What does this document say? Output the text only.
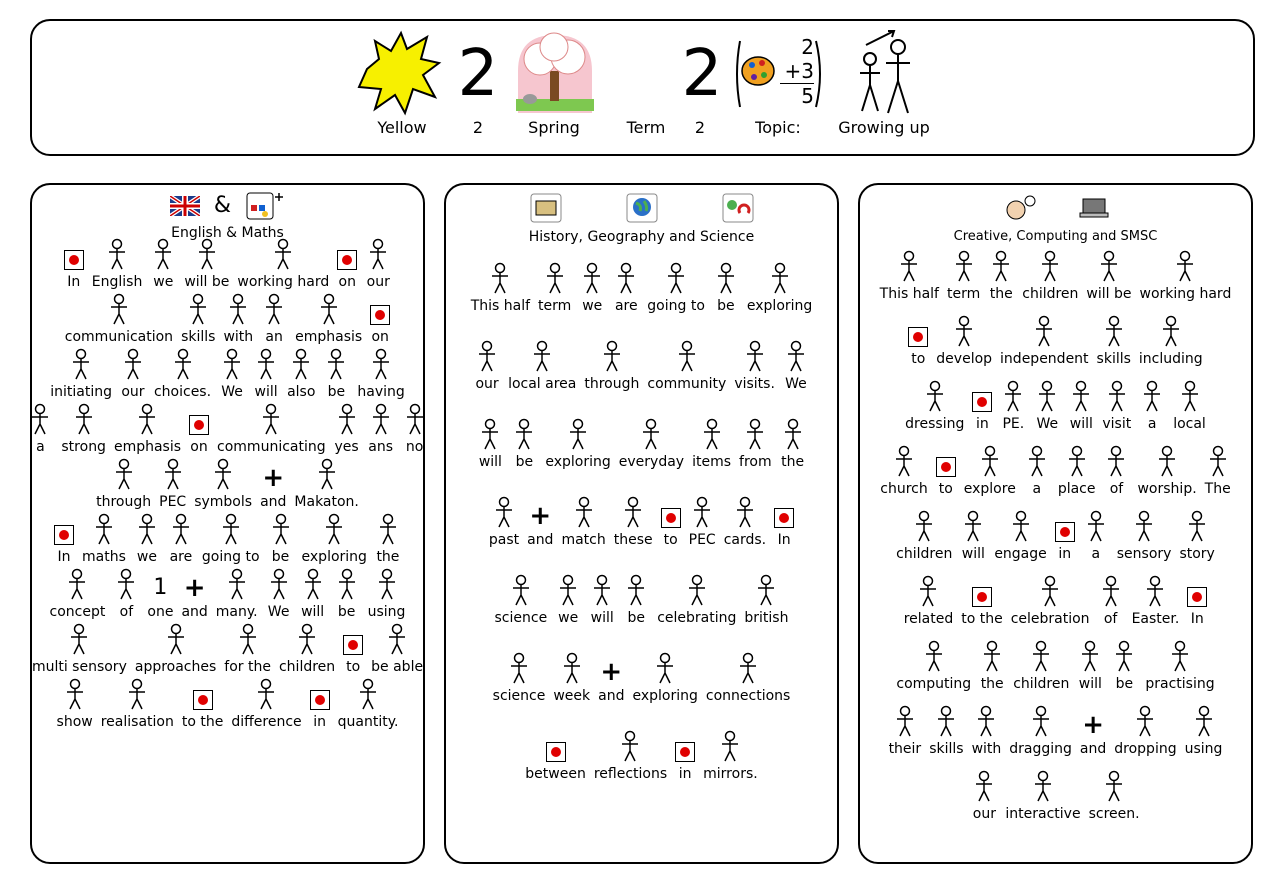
2	2	2
+3
5
Yellow	2	Spring	Term 2	Topic: Growing up
&
English & Maths
In English we will be working hard on our
communication skills with an emphasis on
initiating our choices. We will also be having
a strong emphasis on communicating yes ans no
through PEC symbols
+
and Makaton.
In maths we are going to be exploring the
concept of
1
one
+
and many. We will be using
multi sensory approaches for the children to be able
show realisation to the difference in quantity.
History, Geography and Science
This half term we are going to be exploring
our local area through community visits. We
will be exploring everyday items from the
past
+
and match these to PEC cards. In
science we will be celebrating british
science week
+
and exploring connections
between reflections in mirrors.
Creative, Computing and SMSC
This half term the children will be working hard
to develop independent skills including
dressing in PE. We will visit a local
church to explore a place of worship. The
children will engage in a sensory story
related to the celebration of Easter. In
computing the children will be practising
their skills with dragging
+
and dropping using
our interactive screen.
